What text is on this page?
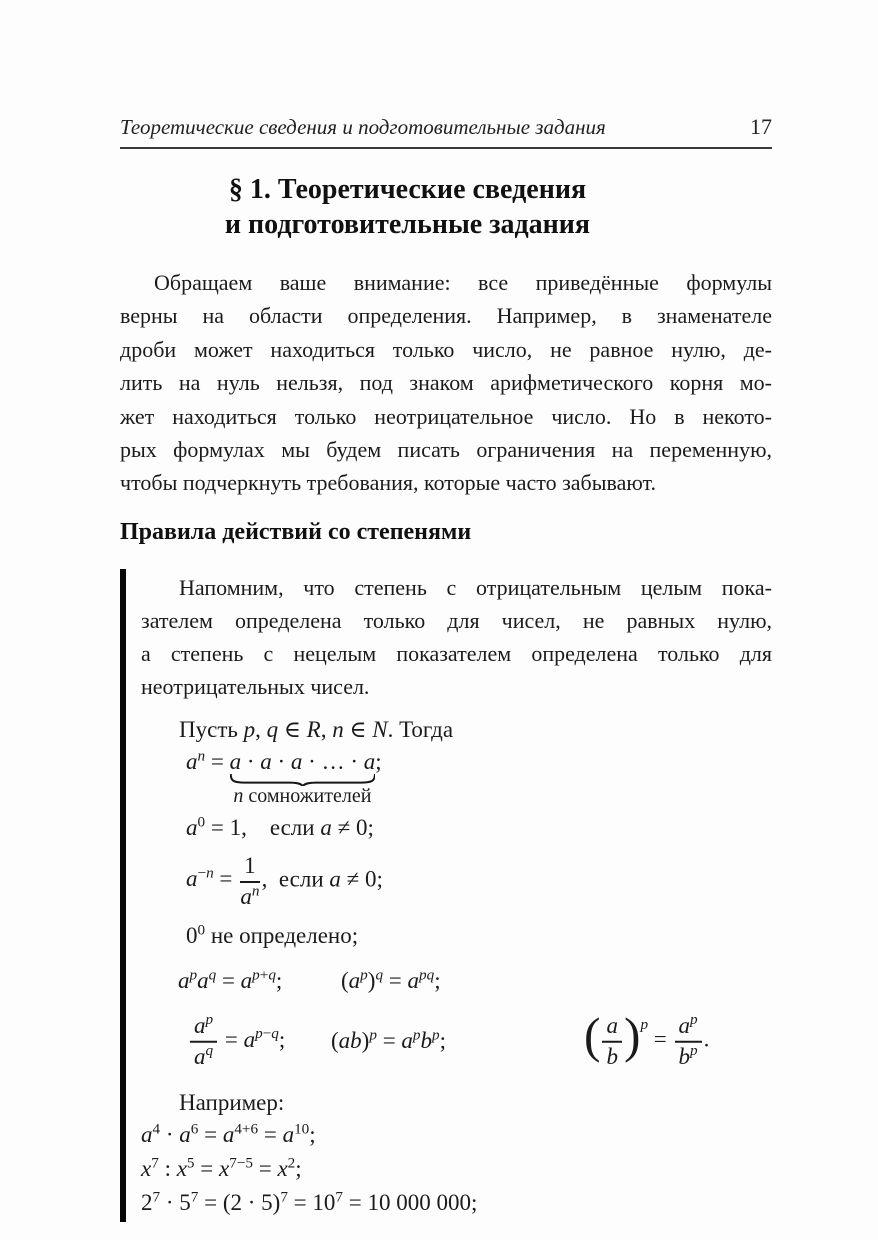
Теоретические сведения и подготовительные задания	17
§ 1. Теоретические сведения
и подготовительные задания
Обращаем ваше внимание: все приведённые формулы
верны на области определения. Например, в знаменателе
дроби может находиться только число, не равное нулю, де-
лить на нуль нельзя, под знаком арифметического корня мо-
жет находиться только неотрицательное число. Но в некото-
рых формулах мы будем писать ограничения на переменную,
чтобы подчеркнуть требования, которые часто забывают.
Правила действий со степенями
Напомним, что степень с отрицательным целым пока-
зателем определена только для чисел, не равных нулю,
а степень с нецелым показателем определена только для
неотрицательных чисел.
Пусть p, q ∈ R, n ∈ N. Тогда
$a^n = a \cdot a \cdot a$ · … · a
n сомножителей
;
$a^0 = 1$,    если a ≠ 0;
$a^{-n} = \frac{1}{a^n}$ ,  если a ≠ 0;
$0^0$ не определено;
$a^pa^q = a^{p+q}$;	$(a^p)^q = a^{pq}$;
$\frac{a^p}{a^q} = a^{p-q}$; $(ab)^p = a^pb^p$;	( $\frac{a}{b} )^p = \frac{a^p}{b^p}$ .
Например:
$a^4 \cdot a^6 = a^{4+6} = a^{10}$;
$x^7$ : $x^5 = x^{7-5} = x^2$;
$2^7 \cdot 5^7 = (2 \cdot 5)^7 = 10^7 = 10$ 000 000;
